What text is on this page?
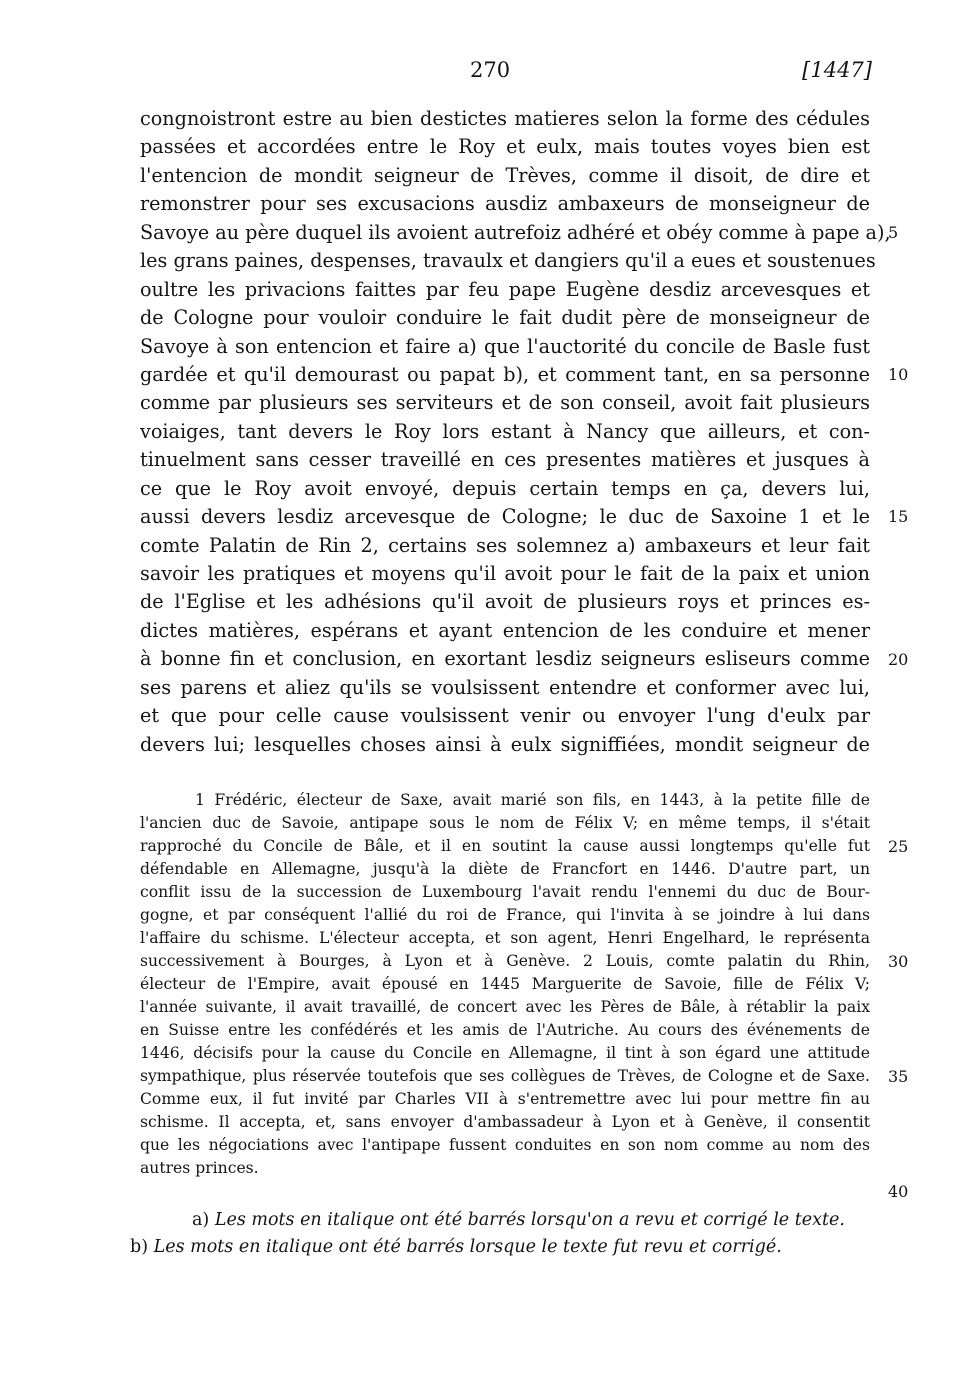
270	[1447]
congnoistront estre au bien destictes matieres selon la forme des cédules
passées et accordées entre le Roy et eulx, mais toutes voyes bien est
l'entencion de mondit seigneur de Trèves, comme il disoit, de dire et
remonstrer pour ses excusacions ausdiz ambaxeurs de monseigneur de
Savoye au père duquel ils avoient autrefoiz adhéré et obéy comme à pape a),
les grans paines, despenses, travaulx et dangiers qu'il a eues et soustenues
oultre les privacions faittes par feu pape Eugène desdiz arcevesques et
de Cologne pour vouloir conduire le fait dudit père de monseigneur de
Savoye à son entencion et faire a) que l'auctorité du concile de Basle fust
gardée et qu'il demourast ou papat b), et comment tant, en sa personne
comme par plusieurs ses serviteurs et de son conseil, avoit fait plusieurs
voiaiges, tant devers le Roy lors estant à Nancy que ailleurs, et con-
tinuelment sans cesser traveillé en ces presentes matières et jusques à
ce que le Roy avoit envoyé, depuis certain temps en ça, devers lui,
aussi devers lesdiz arcevesque de Cologne; le duc de Saxoine 1 et le
comte Palatin de Rin 2, certains ses solemnez a) ambaxeurs et leur fait
savoir les pratiques et moyens qu'il avoit pour le fait de la paix et union
de l'Eglise et les adhésions qu'il avoit de plusieurs roys et princes es-
dictes matières, espérans et ayant entencion de les conduire et mener
à bonne fin et conclusion, en exortant lesdiz seigneurs esliseurs comme
ses parens et aliez qu'ils se voulsissent entendre et conformer avec lui,
et que pour celle cause voulsissent venir ou envoyer l'ung d'eulx par
devers lui; lesquelles choses ainsi à eulx signiffiées, mondit seigneur de
5
10
15
20
1 Frédéric, électeur de Saxe, avait marié son fils, en 1443, à la petite fille de
l'ancien duc de Savoie, antipape sous le nom de Félix V; en même temps, il s'était
rapproché du Concile de Bâle, et il en soutint la cause aussi longtemps qu'elle fut
défendable en Allemagne, jusqu'à la diète de Francfort en 1446. D'autre part, un
conflit issu de la succession de Luxembourg l'avait rendu l'ennemi du duc de Bour-
gogne, et par conséquent l'allié du roi de France, qui l'invita à se joindre à lui dans
l'affaire du schisme. L'électeur accepta, et son agent, Henri Engelhard, le représenta
successivement à Bourges, à Lyon et à Genève. 2 Louis, comte palatin du Rhin,
électeur de l'Empire, avait épousé en 1445 Marguerite de Savoie, fille de Félix V;
l'année suivante, il avait travaillé, de concert avec les Pères de Bâle, à rétablir la paix
en Suisse entre les confédérés et les amis de l'Autriche. Au cours des événements de
1446, décisifs pour la cause du Concile en Allemagne, il tint à son égard une attitude
sympathique, plus réservée toutefois que ses collègues de Trèves, de Cologne et de Saxe.
Comme eux, il fut invité par Charles VII à s'entremettre avec lui pour mettre fin au
schisme. Il accepta, et, sans envoyer d'ambassadeur à Lyon et à Genève, il consentit
que les négociations avec l'antipape fussent conduites en son nom comme au nom des
autres princes.
25
30
35
40
a) Les mots en italique ont été barrés lorsqu'on a revu et corrigé le texte.
b) Les mots en italique ont été barrés lorsque le texte fut revu et corrigé.
